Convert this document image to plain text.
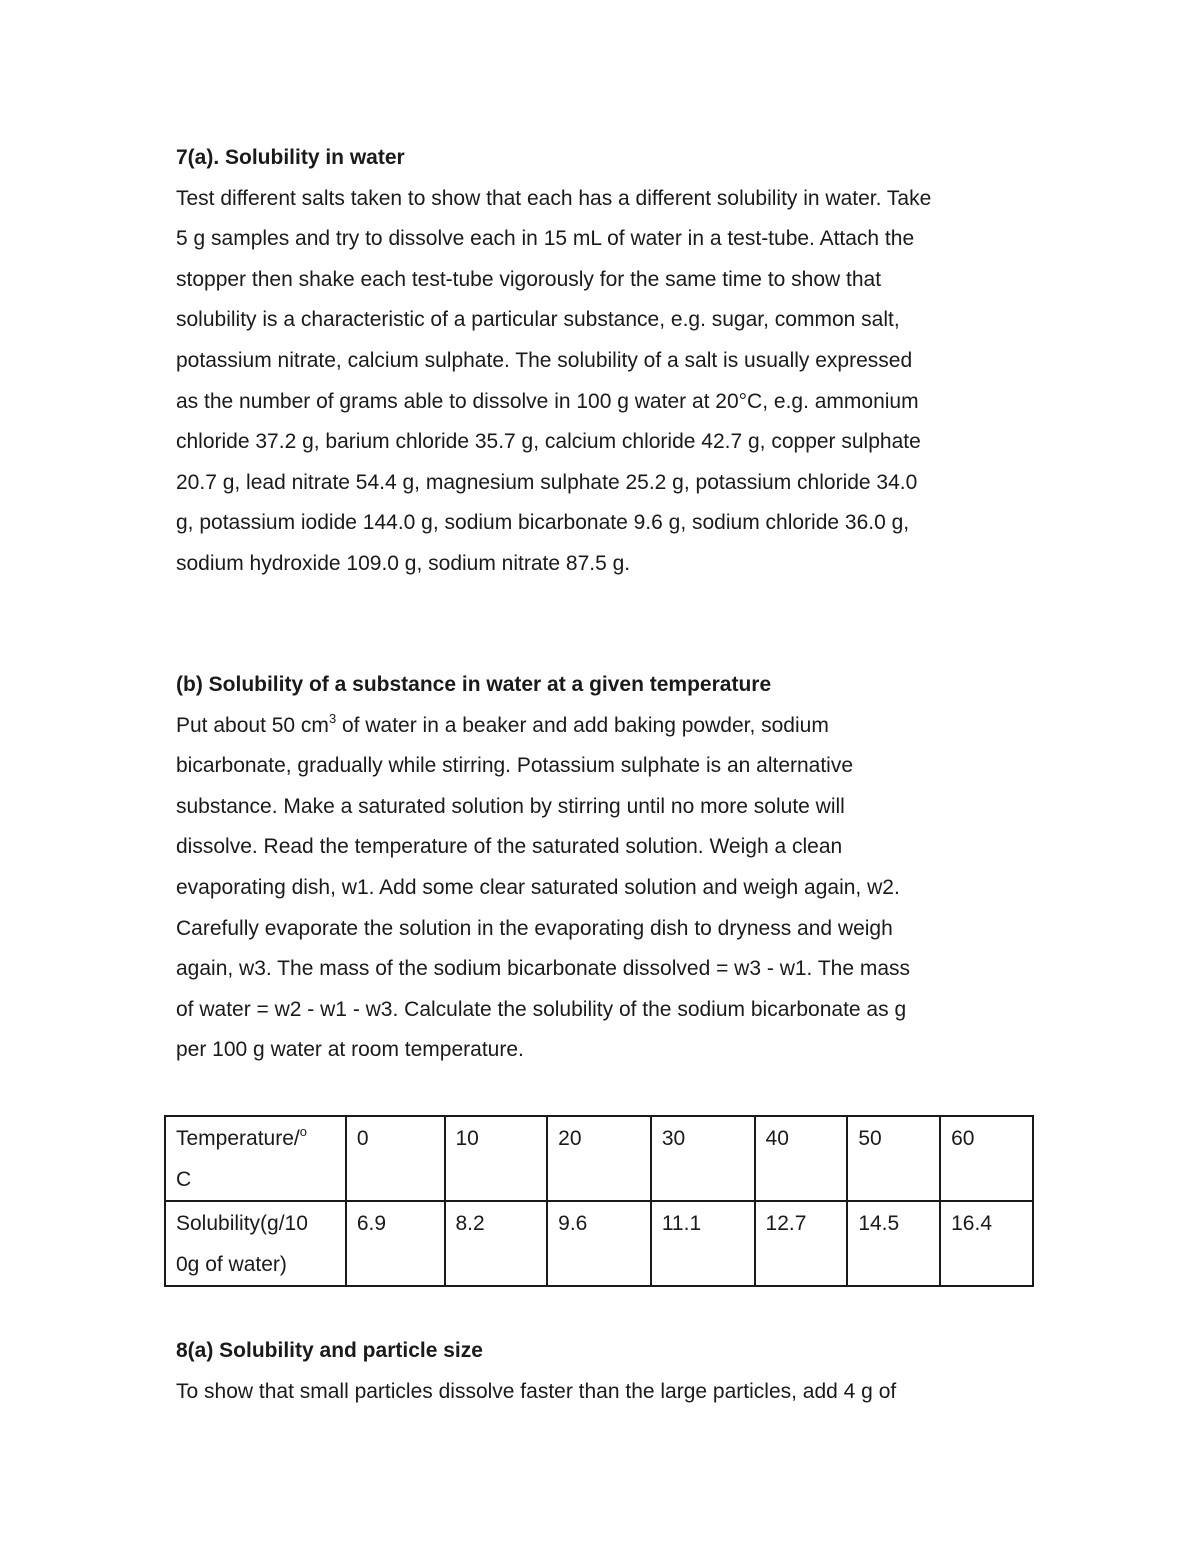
7(a). Solubility in water

Test different salts taken to show that each has a different solubility in water. Take
5 g samples and try to dissolve each in 15 mL of water in a test-tube. Attach the
stopper then shake each test-tube vigorously for the same time to show that
solubility is a characteristic of a particular substance, e.g. sugar, common salt,
potassium nitrate, calcium sulphate. The solubility of a salt is usually expressed
as the number of grams able to dissolve in 100 g water at 20°C, e.g. ammonium
chloride 37.2 g, barium chloride 35.7 g, calcium chloride 42.7 g, copper sulphate
20.7 g, lead nitrate 54.4 g, magnesium sulphate 25.2 g, potassium chloride 34.0
g, potassium iodide 144.0 g, sodium bicarbonate 9.6 g, sodium chloride 36.0 g,
sodium hydroxide 109.0 g, sodium nitrate 87.5 g.

(b) Solubility of a substance in water at a given temperature

Put about 50 $cm^3$ of water in a beaker and add baking powder, sodium
bicarbonate, gradually while stirring. Potassium sulphate is an alternative
substance. Make a saturated solution by stirring until no more solute will
dissolve. Read the temperature of the saturated solution. Weigh a clean
evaporating dish, w1. Add some clear saturated solution and weigh again, w2.
Carefully evaporate the solution in the evaporating dish to dryness and weigh
again, w3. The mass of the sodium bicarbonate dissolved = w3 - w1. The mass
of water = w2 - w1 - w3. Calculate the solubility of the sodium bicarbonate as g
per 100 g water at room temperature.

Temperature/$^o$
C	0	10	20	30	40	50	60
Solubility(g/10
0g of water)	6.9	8.2	9.6	11.1	12.7	14.5	16.4

8(a) Solubility and particle size

To show that small particles dissolve faster than the large particles, add 4 g of
